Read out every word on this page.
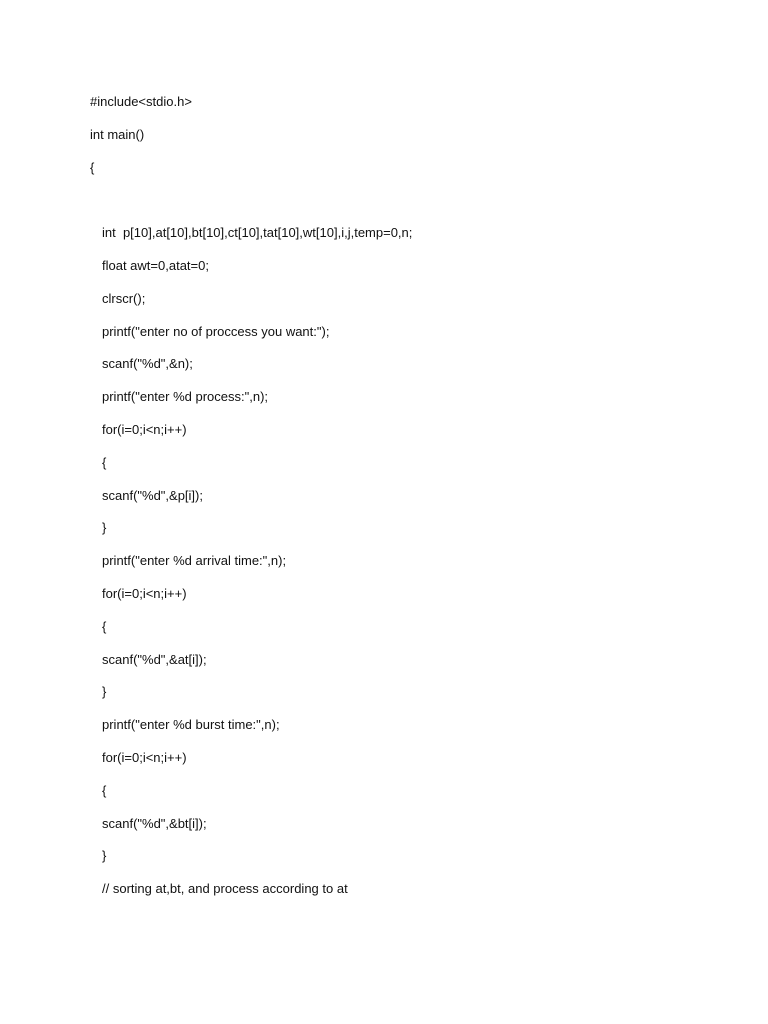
#include<stdio.h>
int main()
{
int  p[10],at[10],bt[10],ct[10],tat[10],wt[10],i,j,temp=0,n;
float awt=0,atat=0;
clrscr();
printf("enter no of proccess you want:");
scanf("%d",&n);
printf("enter %d process:",n);
for(i=0;i<n;i++)
{
scanf("%d",&p[i]);
}
printf("enter %d arrival time:",n);
for(i=0;i<n;i++)
{
scanf("%d",&at[i]);
}
printf("enter %d burst time:",n);
for(i=0;i<n;i++)
{
scanf("%d",&bt[i]);
}
// sorting at,bt, and process according to at
